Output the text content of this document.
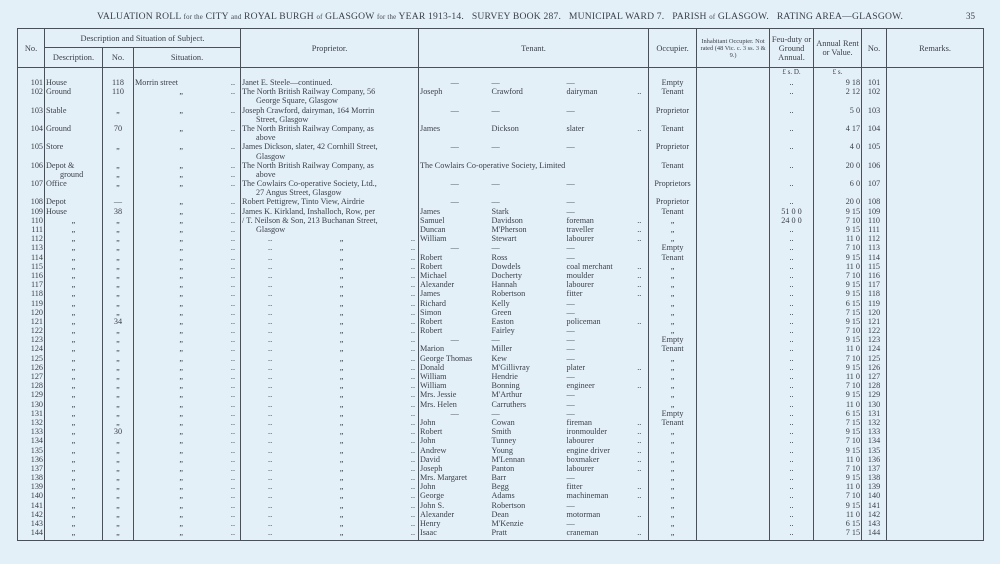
VALUATION ROLL for the CITY and ROYAL BURGH of GLASGOW for the YEAR 1913-14. SURVEY BOOK 287. MUNICIPAL WARD 7. PARISH of GLASGOW. RATING AREA—GLASGOW.	35
No.	Description and Situation of Subject.			Proprietor.	Tenant.				Occupier.	Inhabitant Occupier. Not rated (48 Vic. c. 3 ss. 3 & 9.)	Feu-duty or Ground Annual.	Annual Rent or Value.	No.	Remarks.
	Description.	No.	Situation.											
											£ s. D.	£ s.		

101	House	118	Morrin street ..	Janet E. Steele—continued.	—	—	—		Empty		..	9 18	101	

102	Ground	110	„ ..	The North British Railway Company, 56
George Square, Glasgow	Joseph	Crawford	dairyman	..	Tenant		..	2 12	102	

103	Stable	„	„ ..	Joseph Crawford, dairyman, 164 Morrin
Street, Glasgow	—	—	—		Proprietor		..	5 0	103	

104	Ground	70	„ ..	The North British Railway Company, as
above	James	Dickson	slater	..	Tenant		..	4 17	104	

105	Store	„	„ ..	James Dickson, slater, 42 Cornhill Street,
Glasgow	—	—	—		Proprietor		..	4 0	105	

106	Depot &
ground	„
„	„ ..
„ ..	The North British Railway Company, as
above	The Cowlairs Co-operative Society, Limited				Tenant		..	20 0	106	

107	Office	„	„ ..	The Cowlairs Co-operative Society, Ltd.,
27 Angus Street, Glasgow	—	—	—		Proprietors		..	6 0	107	

108	Depot	—	„ ..	Robert Pettigrew, Tinto View, Airdrie	—	—	—		Proprietor		..	20 0	108	

109	House	38	„ ..	James K. Kirkland, Inshalloch, Row, per	James	Stark	—		Tenant		51 0 0	9 15	109	

110	„	„	„ ..	/ T. Neilson & Son, 213 Buchanan Street,	Samuel	Davidson	foreman	..	„		24 0 0	7 10	110	

111	„	„	„ ..	Glasgow	Duncan	M'Pherson	traveller	..	„		..	9 15	111	

112	„	„	„ ..	.. „ ..	William	Stewart	labourer	..	„		..	11 0	112	

113	„	„	„ ..	.. „ ..	—	—	—		Empty		..	7 10	113	

114	„	„	„ ..	.. „ ..	Robert	Ross	—		Tenant		..	9 15	114	

115	„	„	„ ..	.. „ ..	Robert	Dowdels	coal merchant	..	„		..	11 0	115	

116	„	„	„ ..	.. „ ..	Michael	Docherty	moulder	..	„		..	7 10	116	

117	„	„	„ ..	.. „ ..	Alexander	Hannah	labourer	..	„		..	9 15	117	

118	„	„	„ ..	.. „ ..	James	Robertson	fitter	..	„		..	9 15	118	

119	„	„	„ ..	.. „ ..	Richard	Kelly	—		„		..	6 15	119	

120	„	„	„ ..	.. „ ..	Simon	Green	—		„		..	7 15	120	

121	„	34	„ ..	.. „ ..	Robert	Easton	policeman	..	„		..	9 15	121	

122	„	„	„ ..	.. „ ..	Robert	Fairley	—		„		..	7 10	122	

123	„	„	„ ..	.. „ ..	—	—	—		Empty		..	9 15	123	

124	„	„	„ ..	.. „ ..	Marion	Miller	—		Tenant		..	11 0	124	

125	„	„	„ ..	.. „ ..	George Thomas	Kew	—		„		..	7 10	125	

126	„	„	„ ..	.. „ ..	Donald	M'Gillivray	plater	..	„		..	9 15	126	

127	„	„	„ ..	.. „ ..	William	Hendrie	—		„		..	11 0	127	

128	„	„	„ ..	.. „ ..	William	Bonning	engineer	..	„		..	7 10	128	

129	„	„	„ ..	.. „ ..	Mrs. Jessie	M'Arthur	—		„		..	9 15	129	

130	„	„	„ ..	.. „ ..	Mrs. Helen	Carruthers	—		„		..	11 0	130	

131	„	„	„ ..	.. „ ..	—	—	—		Empty		..	6 15	131	

132	„	„	„ ..	.. „ ..	John	Cowan	fireman	..	Tenant		..	7 15	132	

133	„	30	„ ..	.. „ ..	Robert	Smith	ironmoulder	..	„		..	9 15	133	

134	„	„	„ ..	.. „ ..	John	Tunney	labourer	..	„		..	7 10	134	

135	„	„	„ ..	.. „ ..	Andrew	Young	engine driver	..	„		..	9 15	135	

136	„	„	„ ..	.. „ ..	David	M'Lennan	boxmaker	..	„		..	11 0	136	

137	„	„	„ ..	.. „ ..	Joseph	Panton	labourer	..	„		..	7 10	137	

138	„	„	„ ..	.. „ ..	Mrs. Margaret	Barr	—		„		..	9 15	138	

139	„	„	„ ..	.. „ ..	John	Begg	fitter	..	„		..	11 0	139	

140	„	„	„ ..	.. „ ..	George	Adams	machineman	..	„		..	7 10	140	

141	„	„	„ ..	.. „ ..	John S.	Robertson	—		„		..	9 15	141	

142	„	„	„ ..	.. „ ..	Alexander	Dean	motorman	..	„		..	11 0	142	

143	„	„	„ ..	.. „ ..	Henry	M'Kenzie	—		„		..	6 15	143	

144	„	„	„ ..	.. „ ..	Isaac	Pratt	craneman	..	„		..	7 15	144	
